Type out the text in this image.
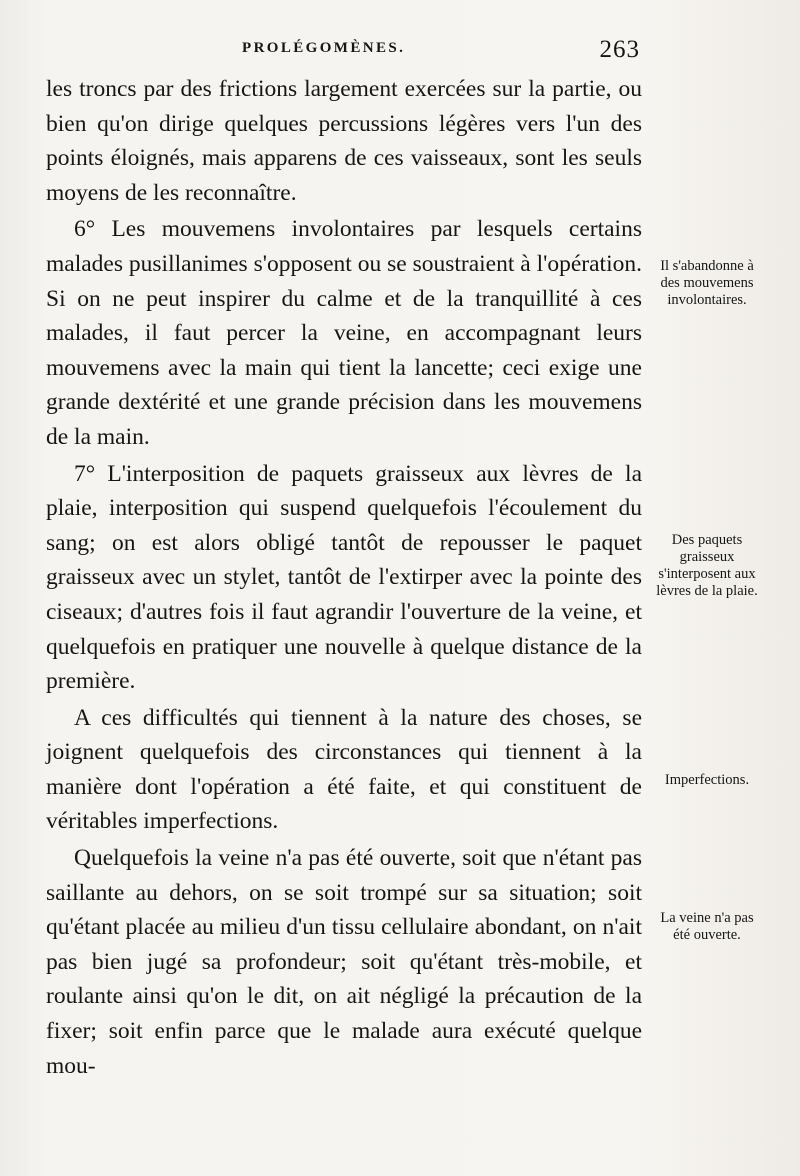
PROLÉGOMÈNES.	263

les troncs par des frictions largement exercées sur la partie, ou bien qu'on dirige quelques percussions légères vers l'un des points éloignés, mais apparens de ces vaisseaux, sont les seuls moyens de les reconnaître.

6° Les mouvemens involontaires par lesquels certains malades pusillanimes s'opposent ou se soustraient à l'opération. Si on ne peut inspirer du calme et de la tranquillité à ces malades, il faut percer la veine, en accompagnant leurs mouvemens avec la main qui tient la lancette; ceci exige une grande dextérité et une grande précision dans les mouvemens de la main.

7° L'interposition de paquets graisseux aux lèvres de la plaie, interposition qui suspend quelquefois l'écoulement du sang; on est alors obligé tantôt de repousser le paquet graisseux avec un stylet, tantôt de l'extirper avec la pointe des ciseaux; d'autres fois il faut agrandir l'ouverture de la veine, et quelquefois en pratiquer une nouvelle à quelque distance de la première.

A ces difficultés qui tiennent à la nature des choses, se joignent quelquefois des circonstances qui tiennent à la manière dont l'opération a été faite, et qui constituent de véritables imperfections.

Quelquefois la veine n'a pas été ouverte, soit que n'étant pas saillante au dehors, on se soit trompé sur sa situation; soit qu'étant placée au milieu d'un tissu cellulaire abondant, on n'ait pas bien jugé sa profondeur; soit qu'étant très-mobile, et roulante ainsi qu'on le dit, on ait négligé la précaution de la fixer; soit enfin parce que le malade aura exécuté quelque mou-

Il s'abandonne à des mouvemens involontaires.
Des paquets graisseux s'interposent aux lèvres de la plaie.
Imperfections.
La veine n'a pas été ouverte.
